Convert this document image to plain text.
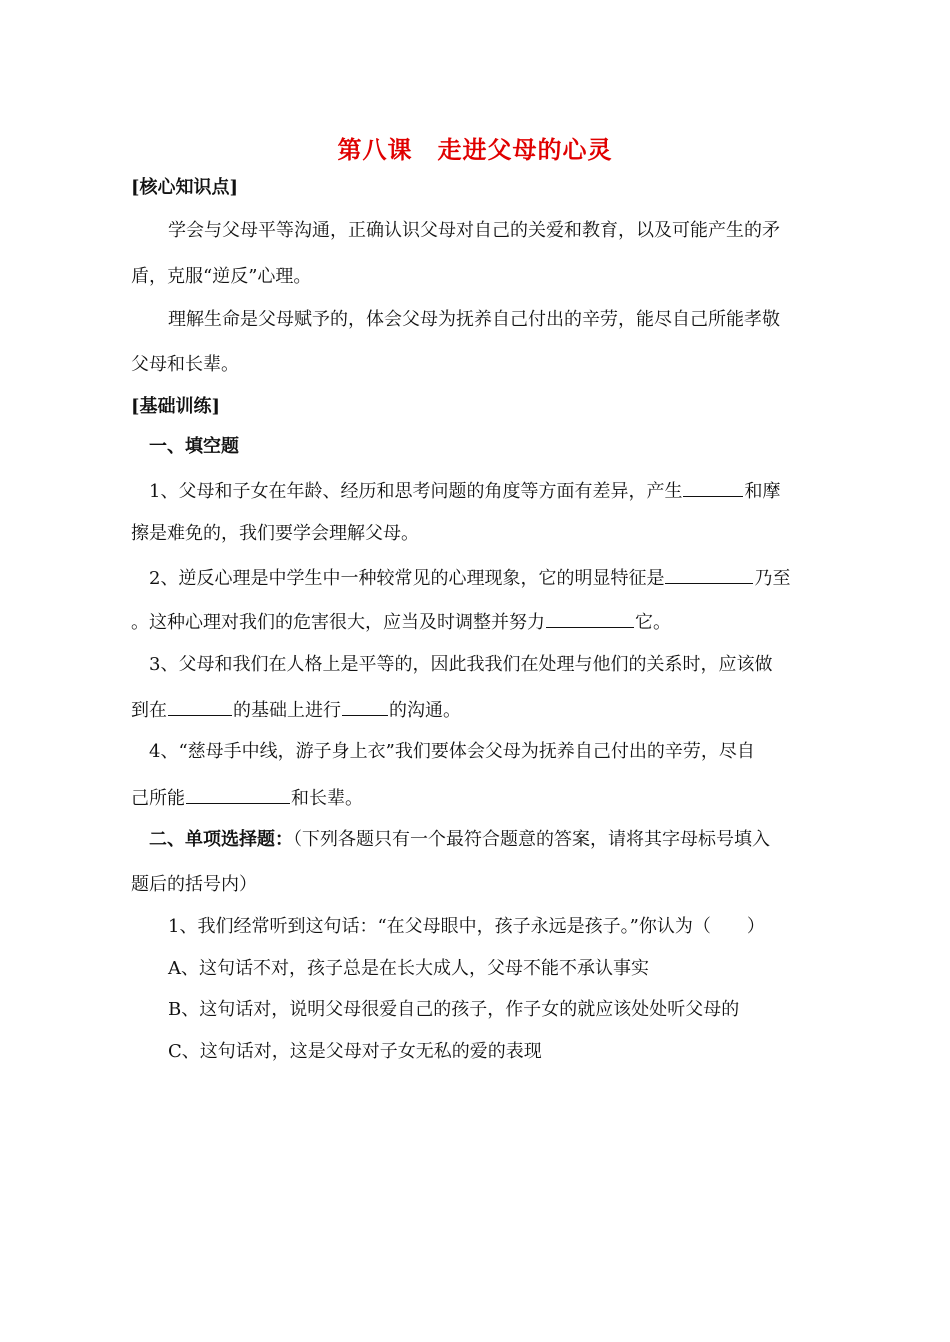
第八课　走进父母的心灵
[核心知识点]
学会与父母平等沟通，正确认识父母对自己的关爱和教育，以及可能产生的矛
盾，克服“逆反”心理。
理解生命是父母赋予的，体会父母为抚养自己付出的辛劳，能尽自己所能孝敬
父母和长辈。
[基础训练]
一、填空题
1、父母和子女在年龄、经历和思考问题的角度等方面有差异，产生	和摩
擦是难免的，我们要学会理解父母。
2、逆反心理是中学生中一种较常见的心理现象，它的明显特征是	乃至
。这种心理对我们的危害很大，应当及时调整并努力	它。
3、父母和我们在人格上是平等的，因此我我们在处理与他们的关系时，应该做
到在	的基础上进行	的沟通。
4、“慈母手中线，游子身上衣”我们要体会父母为抚养自己付出的辛劳，尽自
己所能	和长辈。
二、单项选择题：（下列各题只有一个最符合题意的答案，请将其字母标号填入
题后的括号内）
1、我们经常听到这句话：“在父母眼中，孩子永远是孩子。”你认为（　　）
A、这句话不对，孩子总是在长大成人，父母不能不承认事实
B、这句话对，说明父母很爱自己的孩子，作子女的就应该处处听父母的
C、这句话对，这是父母对子女无私的爱的表现
